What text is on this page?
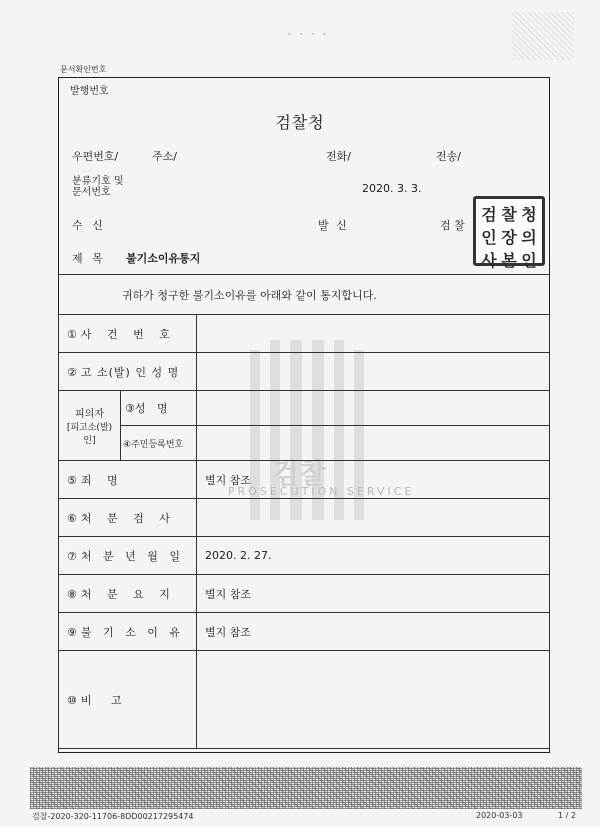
· · · ·
문서확인번호
발행번호
검찰청
우편번호/	주소/	전화/	전송/
분류기호 및
문서번호	2020. 3. 3.
수 신	발 신	검 찰
검 찰 청
인 장 의
사 본 인
제 목 불기소이유통지
귀하가 청구한 불기소이유를 아래와 같이 통지합니다.
검찰
PROSECUTION SERVICE
① 사 건 번 호		
② 고 소(발) 인 성 명		

피의자
[피고소(발)인]	③성 명	
	④주민등록번호	
⑤ 죄 명		별지 참조
⑥ 처 분 검 사		
⑦ 처 분 년 월 일		2020. 2. 27.
⑧ 처 분 요 지		별지 참조
⑨ 불 기 소 이 유		별지 참조
⑩ 비 고		
검찰-2020-320-11706-8DD00217295474	2020-03-03	1 / 2
